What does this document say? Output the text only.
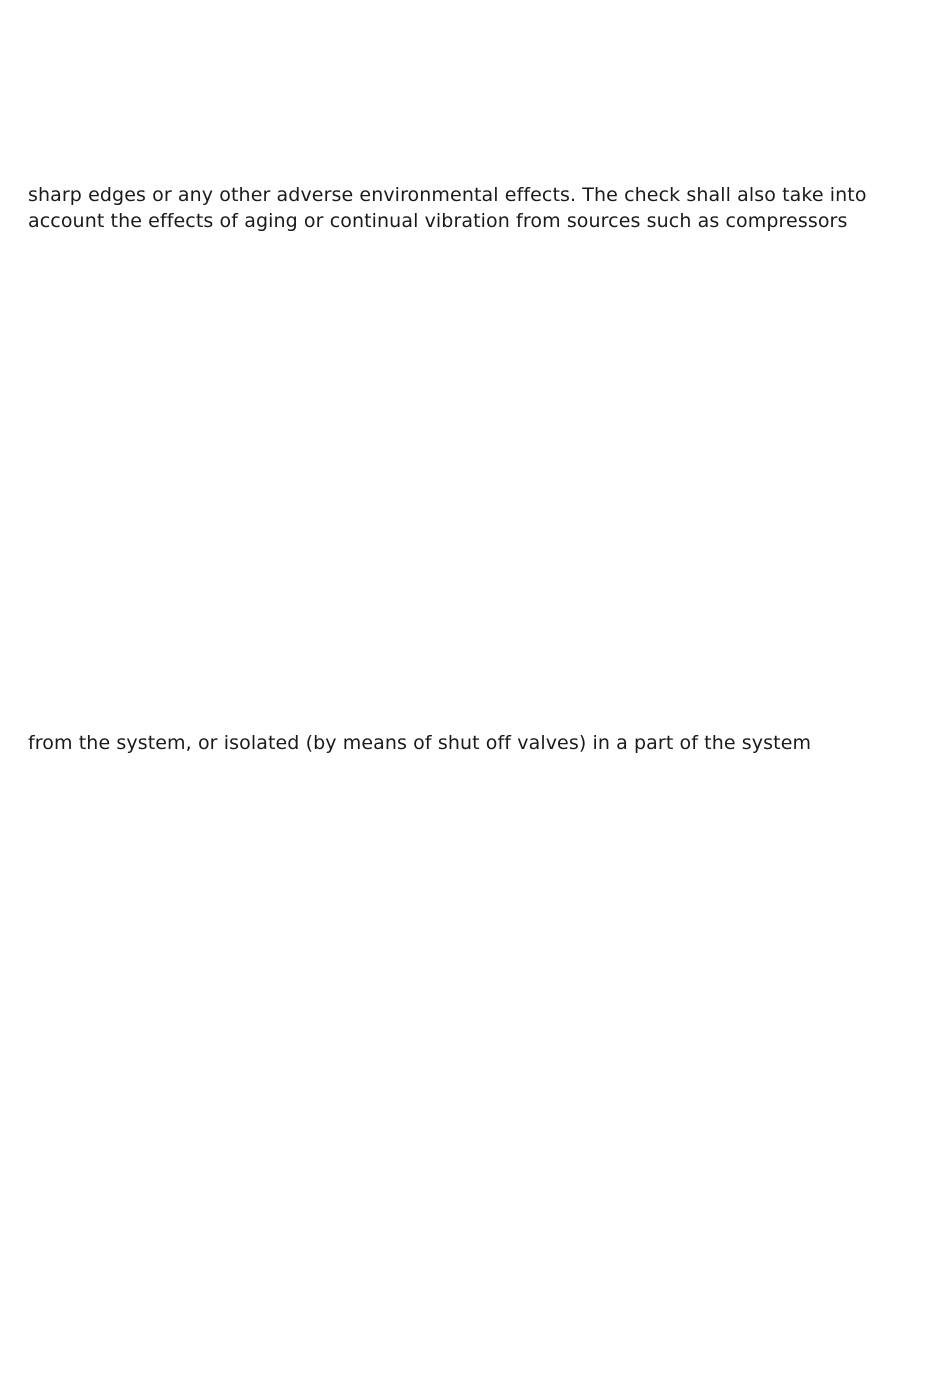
sharp edges or any other adverse environmental effects. The check shall also take into

account the effects of aging or continual vibration from sources such as compressors

from the system, or isolated (by means of shut off valves) in a part of the system
